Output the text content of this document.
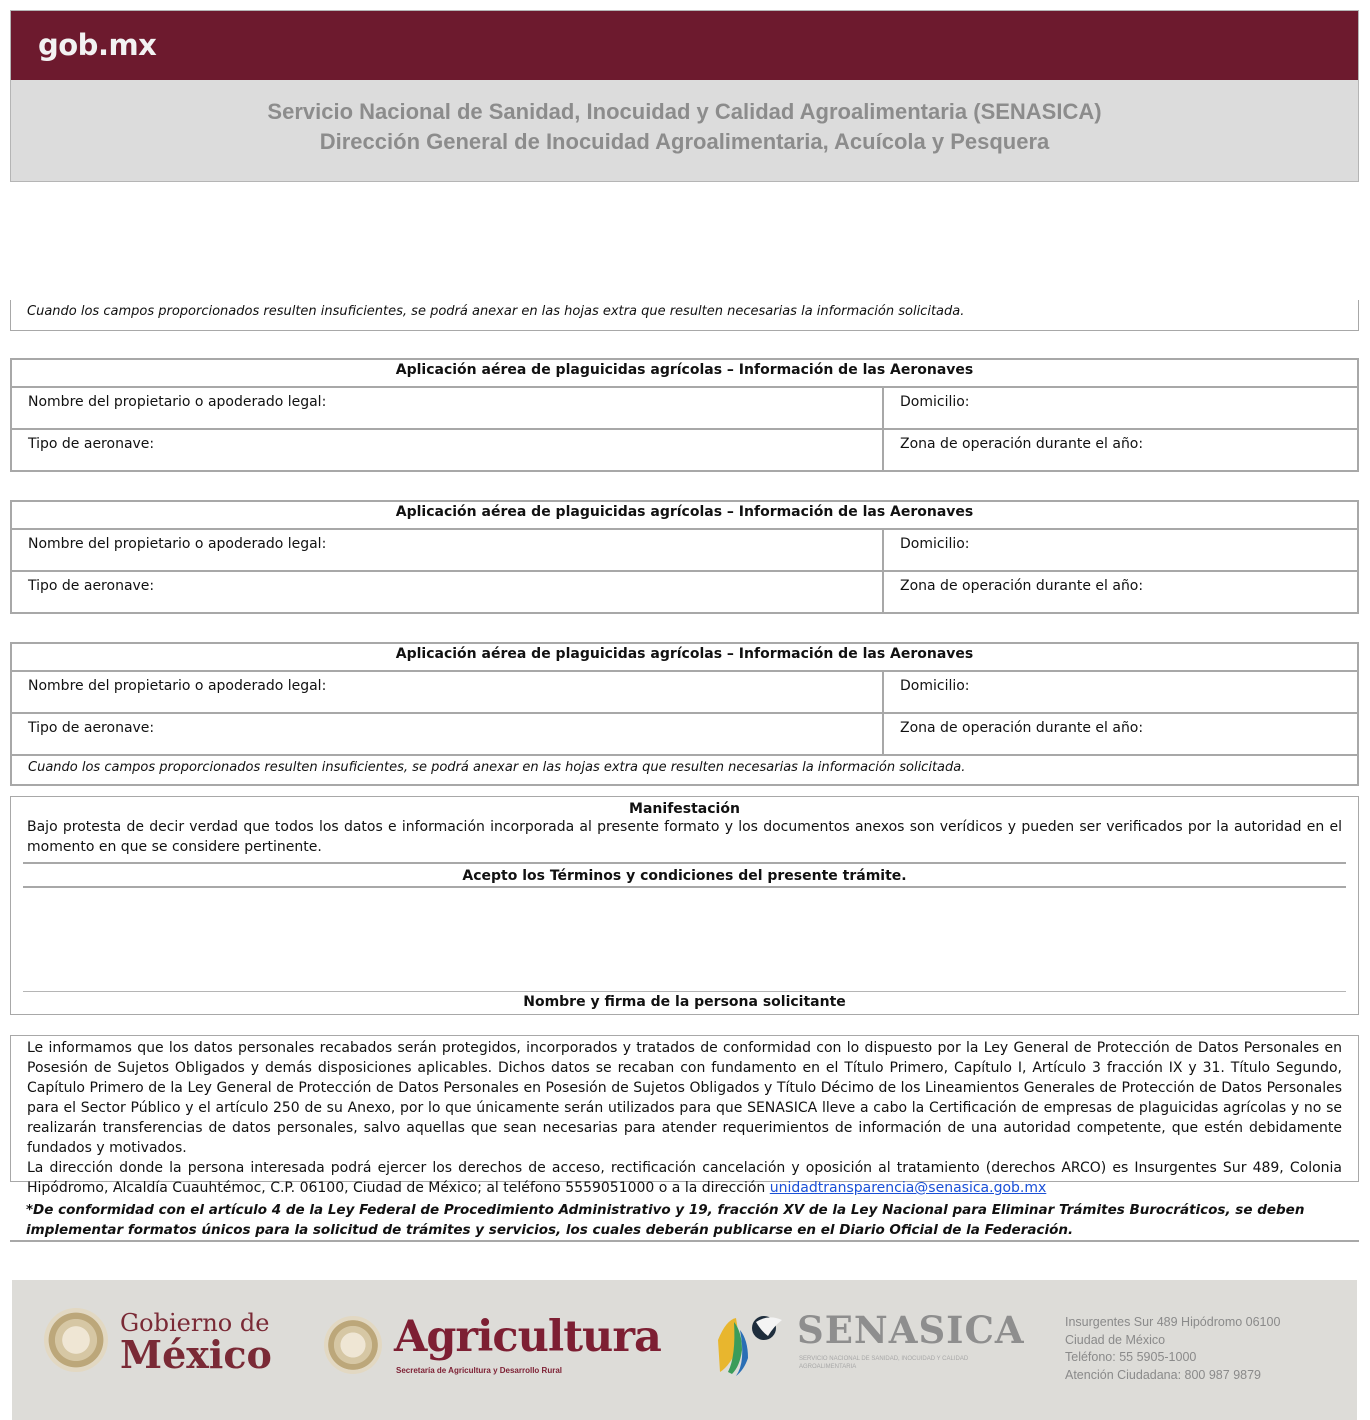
gob.mx
Servicio Nacional de Sanidad, Inocuidad y Calidad Agroalimentaria (SENASICA)
Dirección General de Inocuidad Agroalimentaria, Acuícola y Pesquera
Cuando los campos proporcionados resulten insuficientes, se podrá anexar en las hojas extra que resulten necesarias la información solicitada.
Aplicación aérea de plaguicidas agrícolas – Información de las Aeronaves	
Nombre del propietario o apoderado legal:	Domicilio:
Tipo de aeronave:	Zona de operación durante el año:
Aplicación aérea de plaguicidas agrícolas – Información de las Aeronaves	
Nombre del propietario o apoderado legal:	Domicilio:
Tipo de aeronave:	Zona de operación durante el año:
Aplicación aérea de plaguicidas agrícolas – Información de las Aeronaves	
Nombre del propietario o apoderado legal:	Domicilio:
Tipo de aeronave:	Zona de operación durante el año:
Cuando los campos proporcionados resulten insuficientes, se podrá anexar en las hojas extra que resulten necesarias la información solicitada.
Manifestación
Bajo protesta de decir verdad que todos los datos e información incorporada al presente formato y los documentos anexos son verídicos y pueden ser verificados por la autoridad en el momento en que se considere pertinente.
Acepto los Términos y condiciones del presente trámite.
Nombre y firma de la persona solicitante
Le informamos que los datos personales recabados serán protegidos, incorporados y tratados de conformidad con lo dispuesto por la Ley General de Protección de Datos Personales en Posesión de Sujetos Obligados y demás disposiciones aplicables. Dichos datos se recaban con fundamento en el Título Primero, Capítulo I, Artículo 3 fracción IX y 31. Título Segundo, Capítulo Primero de la Ley General de Protección de Datos Personales en Posesión de Sujetos Obligados y Título Décimo de los Lineamientos Generales de Protección de Datos Personales para el Sector Público y el artículo 250 de su Anexo, por lo que únicamente serán utilizados para que SENASICA lleve a cabo la Certificación de empresas de plaguicidas agrícolas y no se realizarán transferencias de datos personales, salvo aquellas que sean necesarias para atender requerimientos de información de una autoridad competente, que estén debidamente fundados y motivados.
La dirección donde la persona interesada podrá ejercer los derechos de acceso, rectificación cancelación y oposición al tratamiento (derechos ARCO) es Insurgentes Sur 489, Colonia Hipódromo, Alcaldía Cuauhtémoc, C.P. 06100, Ciudad de México; al teléfono 5559051000 o a la dirección unidadtransparencia@senasica.gob.mx
*De conformidad con el artículo 4 de la Ley Federal de Procedimiento Administrativo y 19, fracción XV de la Ley Nacional para Eliminar Trámites Burocráticos, se deben implementar formatos únicos para la solicitud de trámites y servicios, los cuales deberán publicarse en el Diario Oficial de la Federación.
Gobierno de
México	Agricultura
Secretaría de Agricultura y Desarrollo Rural
SENASICA
SERVICIO NACIONAL DE SANIDAD, INOCUIDAD Y CALIDAD AGROALIMENTARIA
Insurgentes Sur 489 Hipódromo 06100
Ciudad de México
Teléfono: 55 5905-1000
Atención Ciudadana: 800 987 9879
